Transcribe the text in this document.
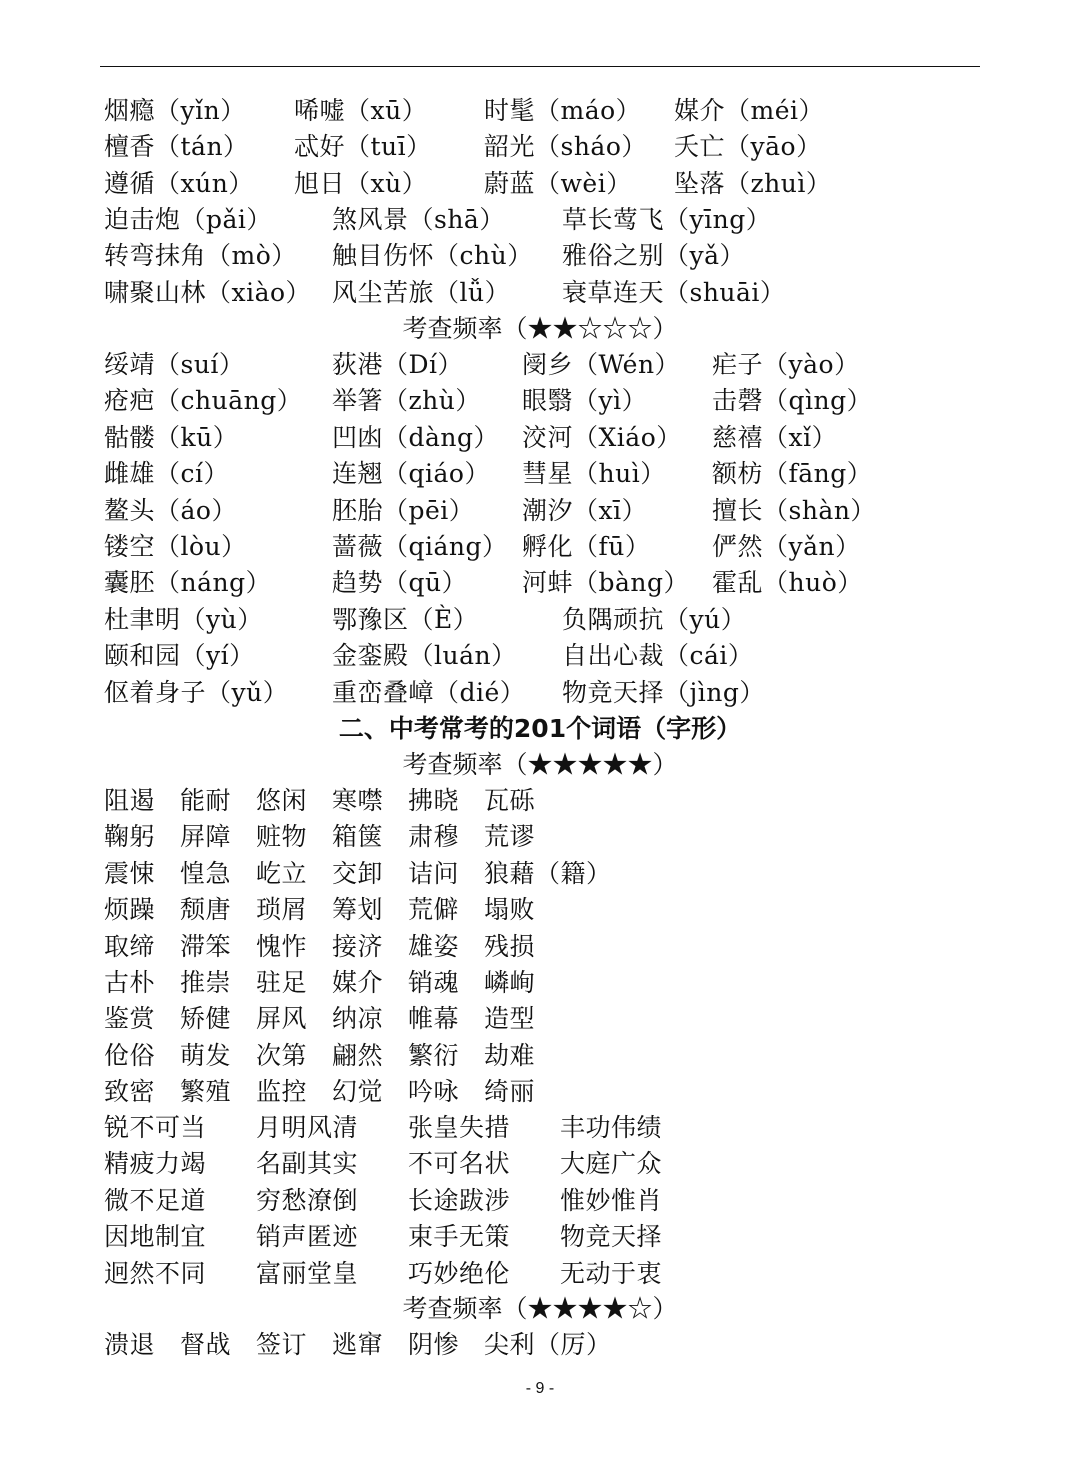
考查频率（★★☆☆☆）
二、中考常考的201个词语（字形）
考查频率（★★★★★）
考查频率（★★★★☆）
烟瘾（yǐn） 唏嘘（xū） 时髦（máo） 媒介（méi）
檀香（tán） 忒好（tuī） 韶光（sháo） 夭亡（yāo）
遵循（xún） 旭日（xù） 蔚蓝（wèi） 坠落（zhuì）
迫击炮（pǎi） 煞风景（shā） 草长莺飞（yīng）
转弯抹角（mò） 触目伤怀（chù） 雅俗之别（yǎ）
啸聚山林（xiào） 风尘苦旅（lǚ） 衰草连天（shuāi）
绥靖（suí）	荻港（Dí） 阌乡（Wén） 疟子（yào）
疮疤（chuāng） 举箸（zhù） 眼翳（yì）	击磬（qìng）
骷髅（kū）	凹凼（dàng） 洨河（Xiáo） 慈禧（xǐ）
雌雄（cí）	连翘（qiáo） 彗星（huì） 额枋（fāng）
鳌头（áo）	胚胎（pēi） 潮汐（xī）	擅长（shàn）
镂空（lòu）	蔷薇（qiáng） 孵化（fū） 俨然（yǎn）
囊胚（náng） 趋势（qū） 河蚌（bàng） 霍乱（huò）
杜聿明（yù）	鄂豫区（È）	负隅顽抗（yú）
颐和园（yí）	金銮殿（luán） 自出心裁（cái）
伛着身子（yǔ） 重峦叠嶂（dié） 物竞天择（jìng）
阻遏 能耐 悠闲 寒噤 拂晓 瓦砾
鞠躬 屏障 赃物 箱箧 肃穆 荒谬
震悚 惶急 屹立 交卸 诘问 狼藉（籍）
烦躁 颓唐 琐屑 筹划 荒僻 塌败
取缔 滞笨 愧怍 接济 雄姿 残损
古朴 推崇 驻足 媒介 销魂 嶙峋
鉴赏 矫健 屏风 纳凉 帷幕 造型
伧俗 萌发 次第 翩然 繁衍 劫难
致密 繁殖 监控 幻觉 吟咏 绮丽
锐不可当 月明风清 张皇失措 丰功伟绩
精疲力竭 名副其实 不可名状 大庭广众
微不足道 穷愁潦倒 长途跋涉 惟妙惟肖
因地制宜 销声匿迹 束手无策 物竞天择
迥然不同 富丽堂皇 巧妙绝伦 无动于衷
溃退 督战 签订 逃窜 阴惨 尖利（厉）
- 9 -
